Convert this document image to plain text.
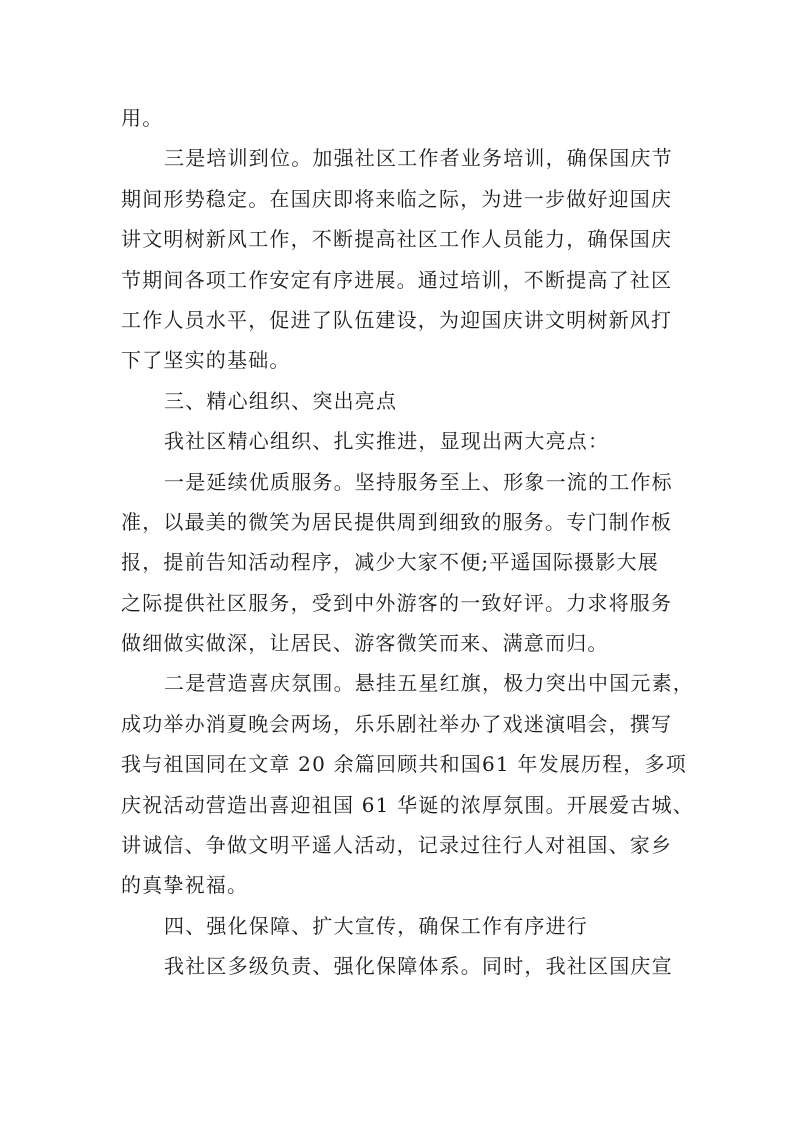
用。
三是培训到位。加强社区工作者业务培训，确保国庆节
期间形势稳定。在国庆即将来临之际，为进一步做好迎国庆
讲文明树新风工作，不断提高社区工作人员能力，确保国庆
节期间各项工作安定有序进展。通过培训，不断提高了社区
工作人员水平，促进了队伍建设，为迎国庆讲文明树新风打
下了坚实的基础。
三、精心组织、突出亮点
我社区精心组织、扎实推进，显现出两大亮点：
一是延续优质服务。坚持服务至上、形象一流的工作标
准，以最美的微笑为居民提供周到细致的服务。专门制作板
报，提前告知活动程序，减少大家不便;平遥国际摄影大展
之际提供社区服务，受到中外游客的一致好评。力求将服务
做细做实做深，让居民、游客微笑而来、满意而归。
二是营造喜庆氛围。悬挂五星红旗，极力突出中国元素，
成功举办消夏晚会两场，乐乐剧社举办了戏迷演唱会，撰写
我与祖国同在文章 20 余篇回顾共和国61 年发展历程，多项
庆祝活动营造出喜迎祖国 61 华诞的浓厚氛围。开展爱古城、
讲诚信、争做文明平遥人活动，记录过往行人对祖国、家乡
的真挚祝福。
四、强化保障、扩大宣传，确保工作有序进行
我社区多级负责、强化保障体系。同时，我社区国庆宣
